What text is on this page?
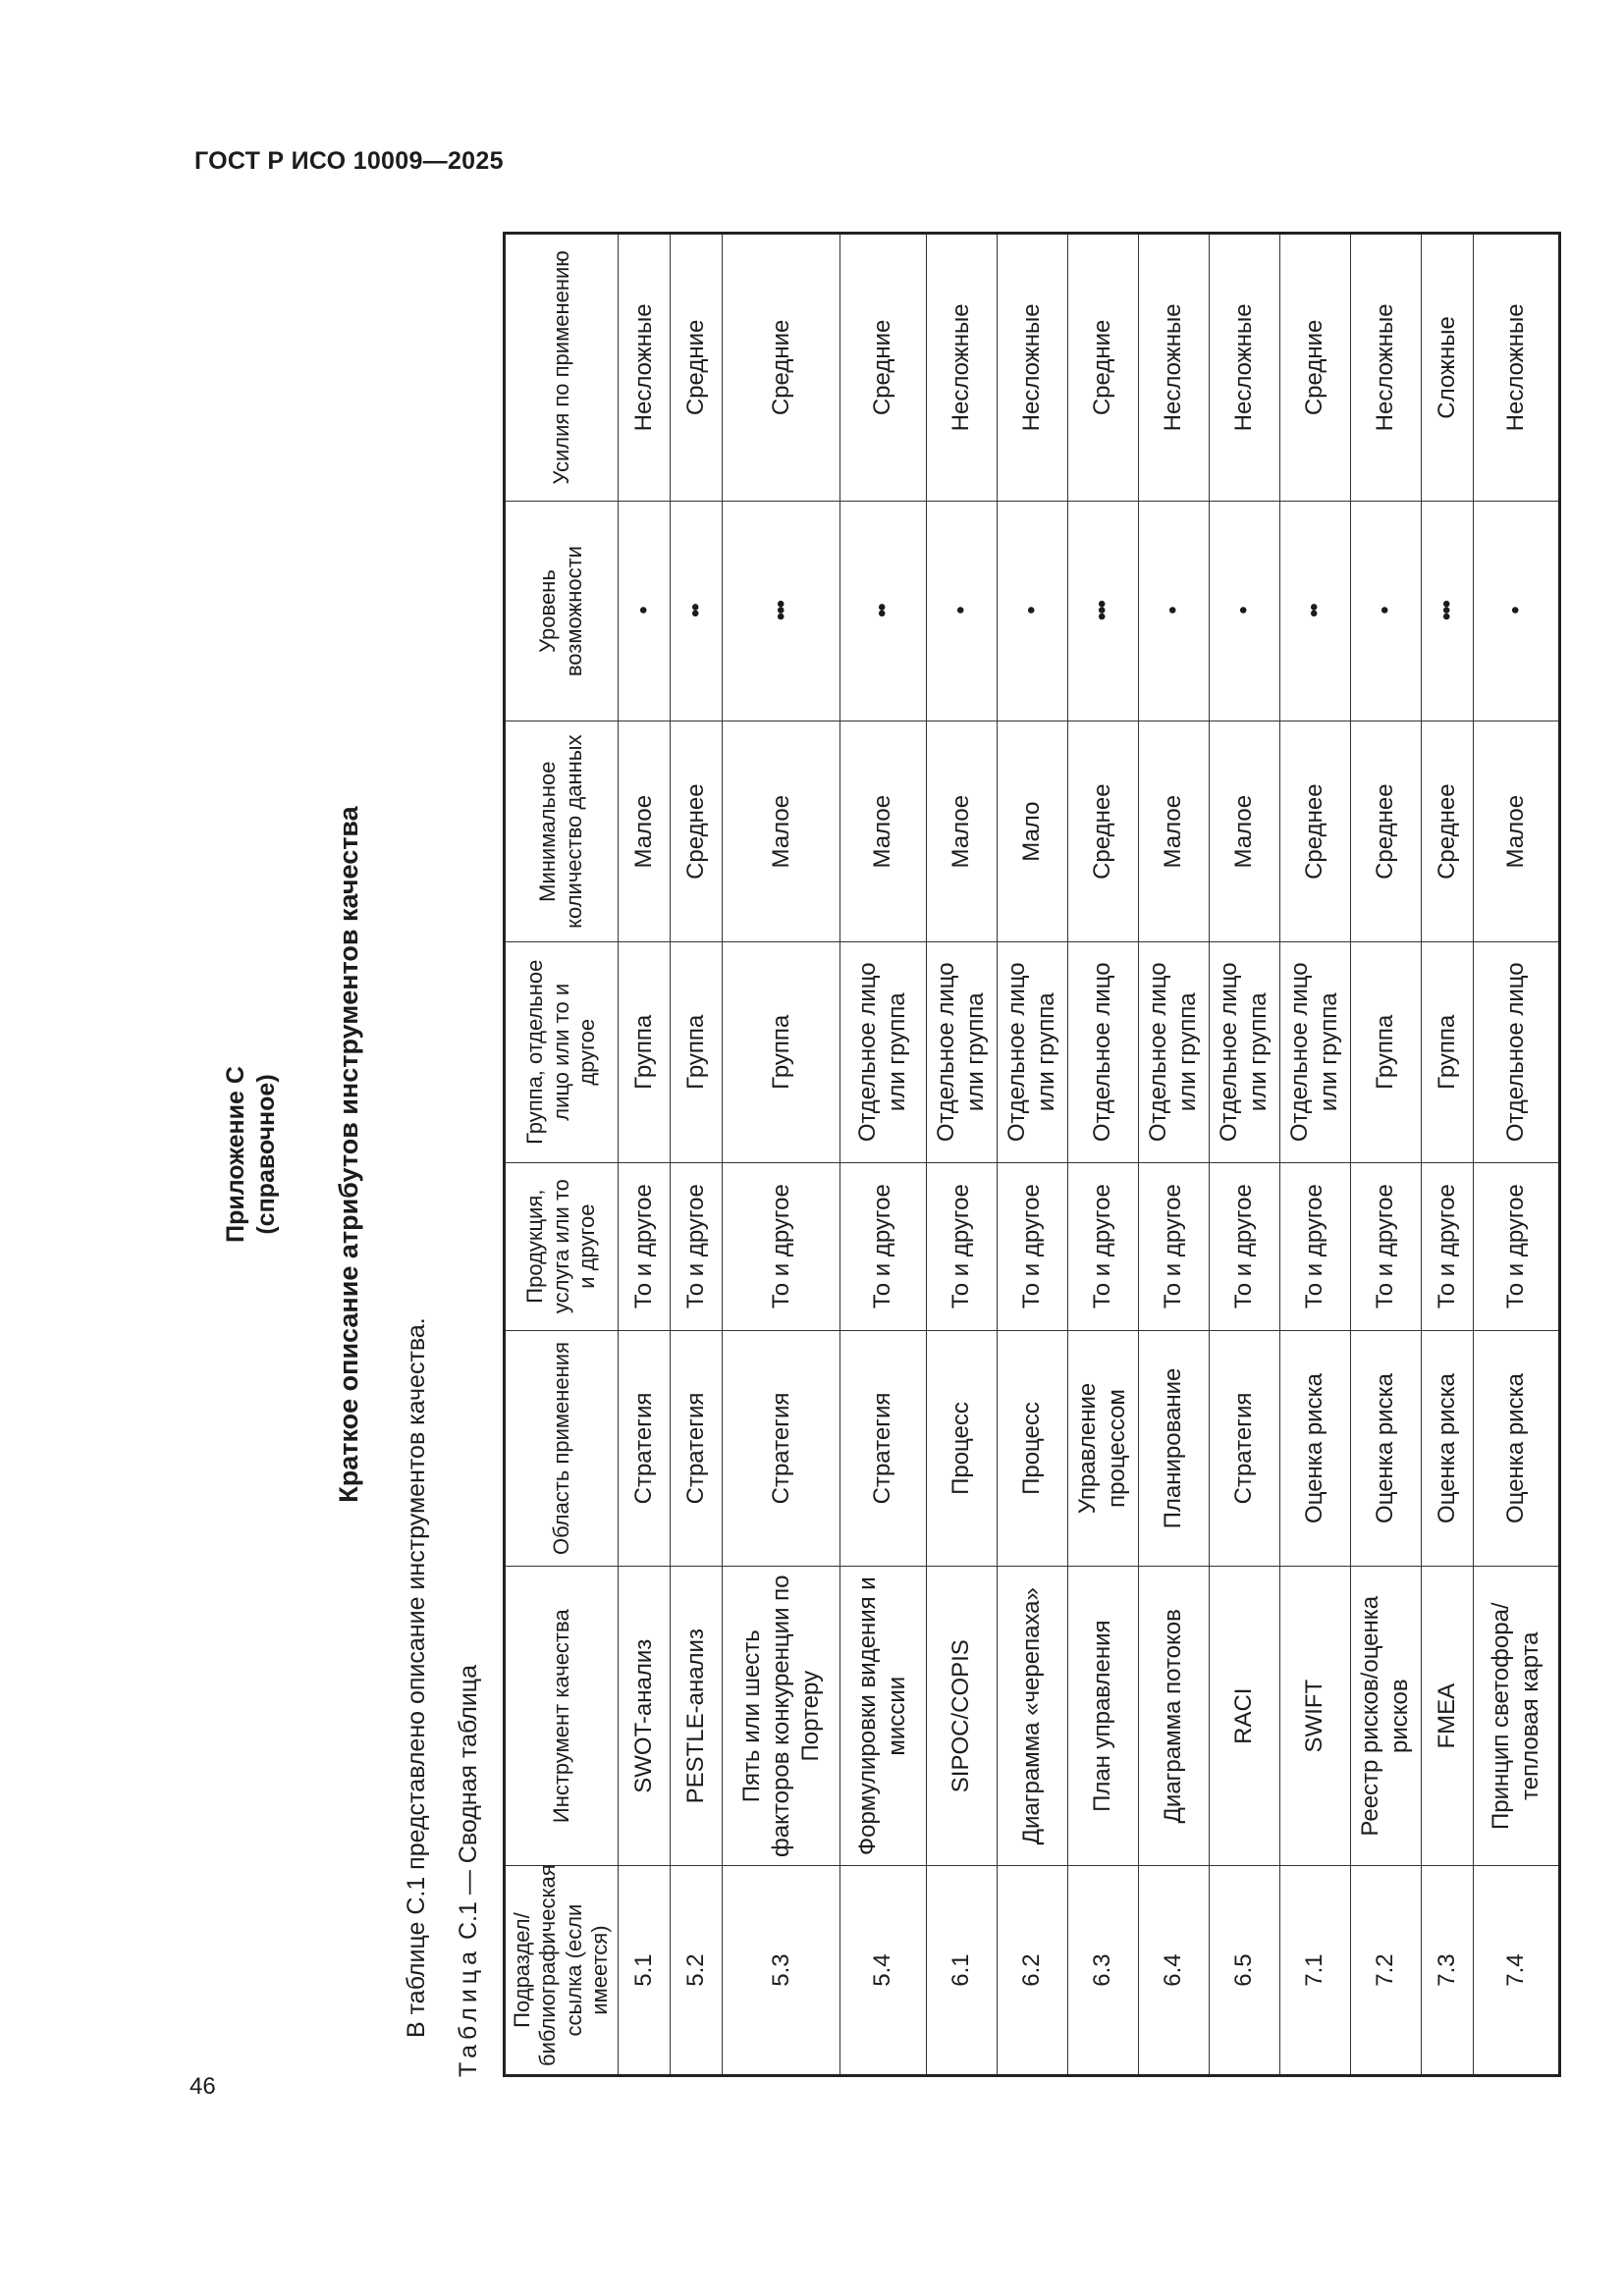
ГОСТ Р ИСО 10009—2025
Приложение С (справочное) Краткое описание атрибутов инструментов качества
В таблице С.1 представлено описание инструментов качества. Таблица С.1 — Сводная таблица
Подраздел/ библиографическая ссылка (если имеется)	Инструмент качества	Область применения	Продукция, услуга или то и другое	Группа, отдельное лицо или то и другое	Минимальное количество данных	Уровень возможности	Усилия по применению
5.1	SWOT-анализ	Стратегия	То и другое	Группа	Малое	•	Несложные
5.2	PESTLE-анализ	Стратегия	То и другое	Группа	Среднее	••	Средние
5.3	Пять или шесть факторов конкуренции по Портеру	Стратегия	То и другое	Группа	Малое	•••	Средние
5.4	Формулировки видения и миссии	Стратегия	То и другое	Отдельное лицо или группа	Малое	••	Средние
6.1	SIPOC/COPIS	Процесс	То и другое	Отдельное лицо или группа	Малое	•	Несложные
6.2	Диаграмма «черепаха»	Процесс	То и другое	Отдельное лицо или группа	Мало	•	Несложные
6.3	План управления	Управление процессом	То и другое	Отдельное лицо	Среднее	•••	Средние
6.4	Диаграмма потоков	Планирование	То и другое	Отдельное лицо или группа	Малое	•	Несложные
6.5	RACI	Стратегия	То и другое	Отдельное лицо или группа	Малое	•	Несложные
7.1	SWIFT	Оценка риска	То и другое	Отдельное лицо или группа	Среднее	••	Средние
7.2	Реестр рисков/оценка рисков	Оценка риска	То и другое	Группа	Среднее	•	Несложные
7.3	FMEA	Оценка риска	То и другое	Группа	Среднее	•••	Сложные
7.4	Принцип светофора/ тепловая карта	Оценка риска	То и другое	Отдельное лицо	Малое	•	Несложные
46
